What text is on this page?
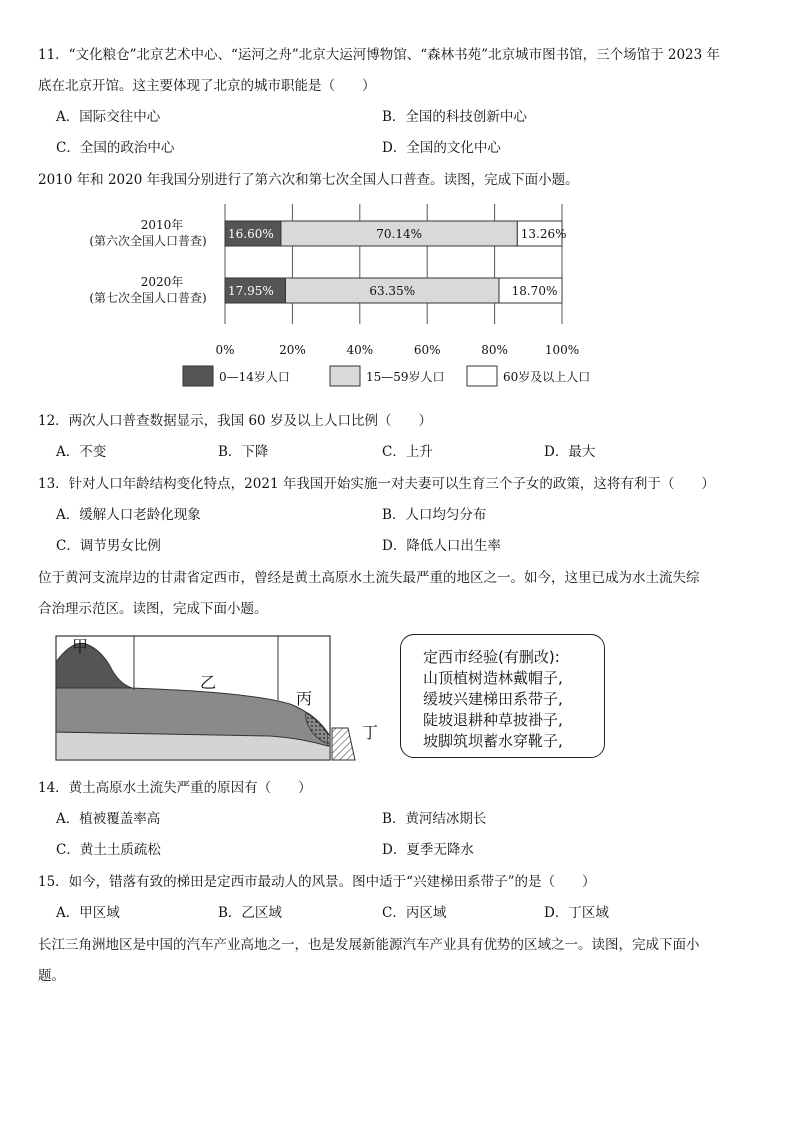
11．“文化粮仓”北京艺术中心、“运河之舟”北京大运河博物馆、“森林书苑”北京城市图书馆，三个场馆于 2023 年
底在北京开馆。这主要体现了北京的城市职能是（　　）
A．国际交往中心	B．全国的科技创新中心
C．全国的政治中心	D．全国的文化中心
2010 年和 2020 年我国分别进行了第六次和第七次全国人口普查。读图，完成下面小题。
0%	20%	40%	60%	80%	100%
16.60%	70.14%	13.26%
2010年
(第六次全国人口普查)
17.95%	63.35%	18.70%
2020年
(第七次全国人口普查)
0—14岁人口	15—59岁人口	60岁及以上人口
12．两次人口普查数据显示，我国 60 岁及以上人口比例（　　）
A．不变	B．下降	C．上升	D．最大
13．针对人口年龄结构变化特点，2021 年我国开始实施一对夫妻可以生育三个子女的政策，这将有利于（　　）
A．缓解人口老龄化现象	B．人口均匀分布
C．调节男女比例	D．降低人口出生率
位于黄河支流岸边的甘肃省定西市，曾经是黄土高原水土流失最严重的地区之一。如今，这里已成为水土流失综
合治理示范区。读图，完成下面小题。
甲
乙
丙
丁
定西市经验(有删改):
山顶植树造林戴帽子,
缓坡兴建梯田系带子,
陡坡退耕种草披褂子,
坡脚筑坝蓄水穿靴子,
14．黄土高原水土流失严重的原因有（　　）
A．植被覆盖率高	B．黄河结冰期长
C．黄土土质疏松	D．夏季无降水
15．如今，错落有致的梯田是定西市最动人的风景。图中适于“兴建梯田系带子”的是（　　）
A．甲区域	B．乙区域	C．丙区域	D．丁区域
长江三角洲地区是中国的汽车产业高地之一，也是发展新能源汽车产业具有优势的区域之一。读图，完成下面小
题。
